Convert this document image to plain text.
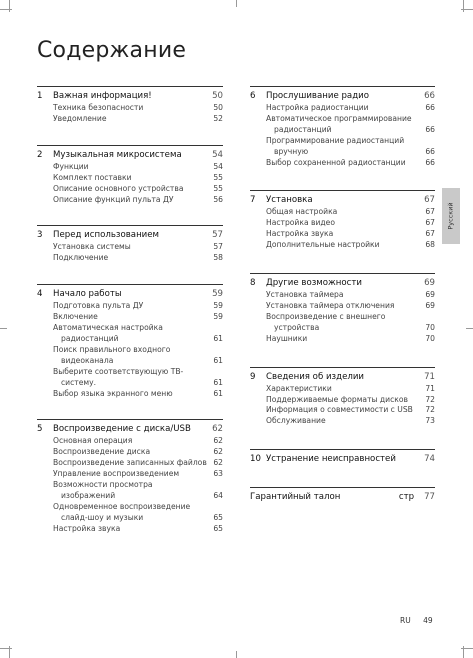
Содержание
1	Важная информация!	50
Техника безопасности	50
Уведомление	52
2	Музыкальная микросистема	54
Функции	54
Комплект поставки	55
Описание основного устройства	55
Описание функций пульта ДУ	56
3	Перед использованием	57
Установка системы	57
Подключение	58
4	Начало работы	59
Подготовка пульта ДУ	59
Включение	59
Автоматическая настройка
радиостанций	61
Поиск правильного входного
видеоканала	61
Выберите соответствующую ТВ-
систему.	61
Выбор языка экранного меню	61
5	Воспроизведение с диска/USB	62
Основная операция	62
Воспроизведение диска	62
Воспроизведение записанных файлов 62
Управление воспроизведением	63
Возможности просмотра
изображений	64
Одновременное воспроизведение
слайд-шоу и музыки	65
Настройка звука	65
6	Прослушивание радио	66
Настройка радиостанции	66
Автоматическое программирование
радиостанций	66
Программирование радиостанций
вручную	66
Выбор сохраненной радиостанции	66
7	Установка	67
Общая настройка	67
Настройка видео	67
Настройка звука	67
Дополнительные настройки	68
8	Другие возможности	69
Установка таймера	69
Установка таймера отключения	69
Воспроизведение с внешнего
устройства	70
Наушники	70
9	Сведения об изделии	71
Характеристики	71
Поддерживаемые форматы дисков	72
Информация о совместимости с USB	72
Обслуживание	73
10 Устранение неисправностей	74
Гарантийный талон	стр 77
Русский
RU 49
